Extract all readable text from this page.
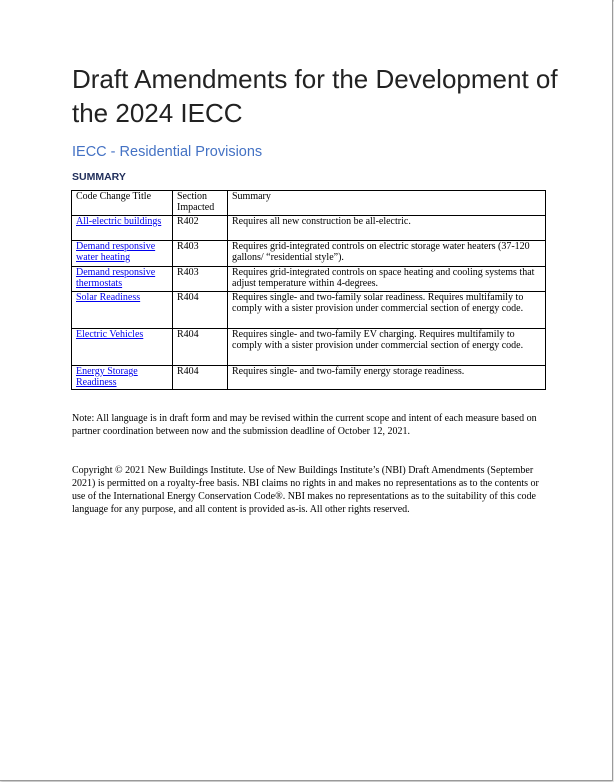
Draft Amendments for the Development of the 2024 IECC
IECC - Residential Provisions
SUMMARY
Code Change Title	Section Impacted	Summary
All-electric buildings	R402	Requires all new construction be all-electric.
Demand responsive water heating	R403	Requires grid-integrated controls on electric storage water heaters (37-120 gallons/ “residential style”).
Demand responsive thermostats	R403	Requires grid-integrated controls on space heating and cooling systems that adjust temperature within 4-degrees.
Solar Readiness	R404	Requires single- and two-family solar readiness. Requires multifamily to comply with a sister provision under commercial section of energy code.
Electric Vehicles	R404	Requires single- and two-family EV charging. Requires multifamily to comply with a sister provision under commercial section of energy code.
Energy Storage Readiness	R404	Requires single- and two-family energy storage readiness.

Note: All language is in draft form and may be revised within the current scope and intent of each measure based on partner coordination between now and the submission deadline of October 12, 2021.

Copyright © 2021 New Buildings Institute. Use of New Buildings Institute’s (NBI) Draft Amendments (September 2021) is permitted on a royalty-free basis. NBI claims no rights in and makes no representations as to the contents or use of the International Energy Conservation Code®. NBI makes no representations as to the suitability of this code language for any purpose, and all content is provided as-is. All other rights reserved.
